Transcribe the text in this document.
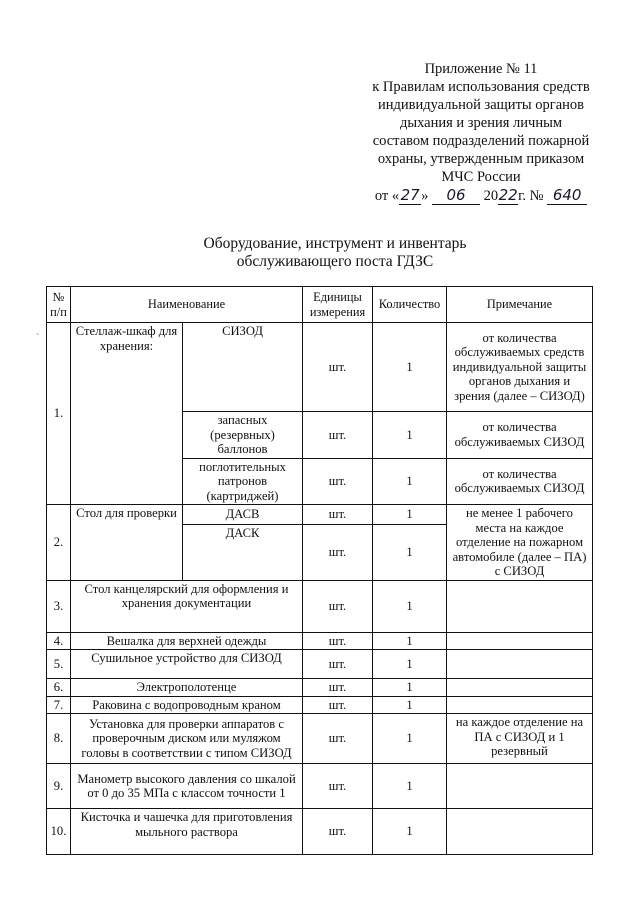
Приложение № 11
к Правилам использования средств
индивидуальной защиты органов
дыхания и зрения личным
составом подразделений пожарной
охраны, утвержденным приказом
МЧС России
от «27» 06 2022г. № 640
Оборудование, инструмент и инвентарь
обслуживающего поста ГДЗС
`
№ п/п	Наименование		Единицы измерения	Количество	Примечание
1.	Стеллаж-шкаф для хранения:	СИЗОД	шт.	1	от количества обслуживаемых средств индивидуальной защиты органов дыхания и зрения (далее – СИЗОД)
		запасных (резервных) баллонов	шт.	1	от количества обслуживаемых СИЗОД
		поглотительных патронов (картриджей)	шт.	1	от количества обслуживаемых СИЗОД
2.	Стол для проверки	ДАСВ	шт.	1	не менее 1 рабочего места на каждое отделение на пожарном автомобиле (далее – ПА) с СИЗОД
		ДАСК	шт.	1	
3.	Стол канцелярский для оформления и хранения документации		шт.	1	
4.	Вешалка для верхней одежды		шт.	1	
5.	Сушильное устройство для СИЗОД		шт.	1	
6.	Электрополотенце		шт.	1	
7.	Раковина с водопроводным краном		шт.	1	
8.	Установка для проверки аппаратов с проверочным диском или муляжом головы в соответствии с типом СИЗОД		шт.	1	на каждое отделение на ПА с СИЗОД и 1 резервный
9.	Манометр высокого давления со шкалой от 0 до 35 МПа с классом точности 1		шт.	1	
10.	Кисточка и чашечка для приготовления мыльного раствора		шт.	1	
